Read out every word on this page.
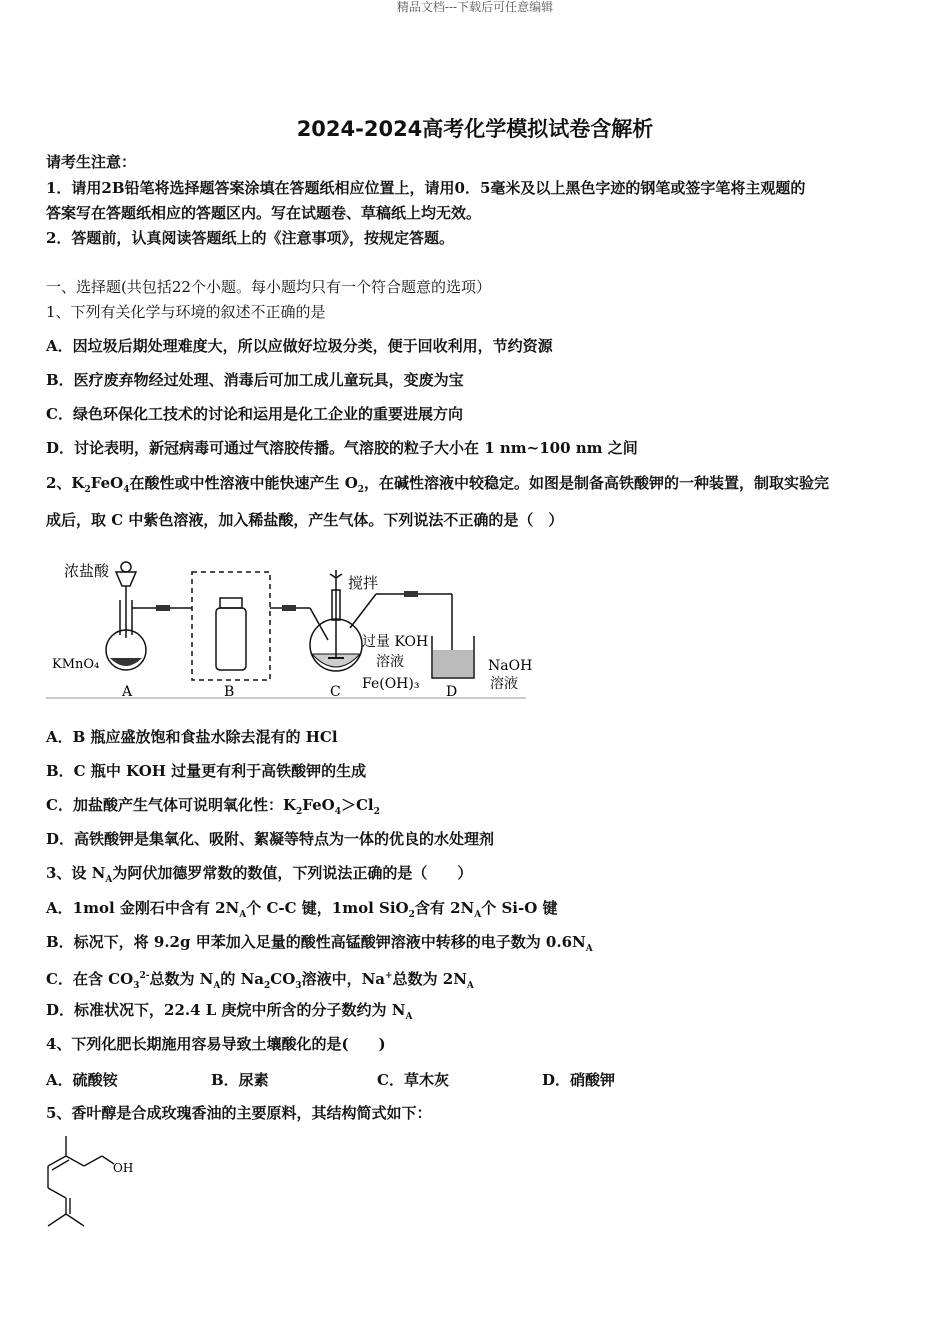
精品文档---下载后可任意编辑
2024-2024高考化学模拟试卷含解析
请考生注意：
1．请用2B铅笔将选择题答案涂填在答题纸相应位置上，请用0．5毫米及以上黑色字迹的钢笔或签字笔将主观题的
答案写在答题纸相应的答题区内。写在试题卷、草稿纸上均无效。
2．答题前，认真阅读答题纸上的《注意事项》，按规定答题。
一、选择题(共包括22个小题。每小题均只有一个符合题意的选项）
1、下列有关化学与环境的叙述不正确的是
A．因垃圾后期处理难度大，所以应做好垃圾分类，便于回收利用，节约资源
B．医疗废弃物经过处理、消毒后可加工成儿童玩具，变废为宝
C．绿色环保化工技术的讨论和运用是化工企业的重要进展方向
D．讨论表明，新冠病毒可通过气溶胶传播。气溶胶的粒子大小在 1 nm~100 nm 之间
2、$K_2FeO_4$在酸性或中性溶液中能快速产生 $O_2$，在碱性溶液中较稳定。如图是制备高铁酸钾的一种装置，制取实验完
成后，取 C 中紫色溶液，加入稀盐酸，产生气体。下列说法不正确的是（　）
浓盐酸
KMnO₄
搅拌
过量 KOH
溶液
Fe(OH)₃
NaOH
溶液
A	B	C	D
A．B 瓶应盛放饱和食盐水除去混有的 HCl
B．C 瓶中 KOH 过量更有利于高铁酸钾的生成
C．加盐酸产生气体可说明氧化性：$K_2FeO_4>Cl_2$
D．高铁酸钾是集氧化、吸附、絮凝等特点为一体的优良的水处理剂
3、设 $N_A$为阿伏加德罗常数的数值，下列说法正确的是（　　）
A．1mol 金刚石中含有 $2N_A$个 C-C 键，1mol SiO$_2$含有 $2N_A$个 Si-O 键
B．标况下，将 9.2g 甲苯加入足量的酸性高锰酸钾溶液中转移的电子数为 $0.6N_A$
C．在含 $CO_3^{2-}$总数为 $N_A$的 $Na_2CO_3$溶液中，Na+总数为 $2N_A$
D．标准状况下，22.4 L 庚烷中所含的分子数约为 $N_A$
4、下列化肥长期施用容易导致土壤酸化的是(　　)
A．硫酸铵	B．尿素	C．草木灰	D．硝酸钾
5、香叶醇是合成玫瑰香油的主要原料，其结构简式如下：
OH
